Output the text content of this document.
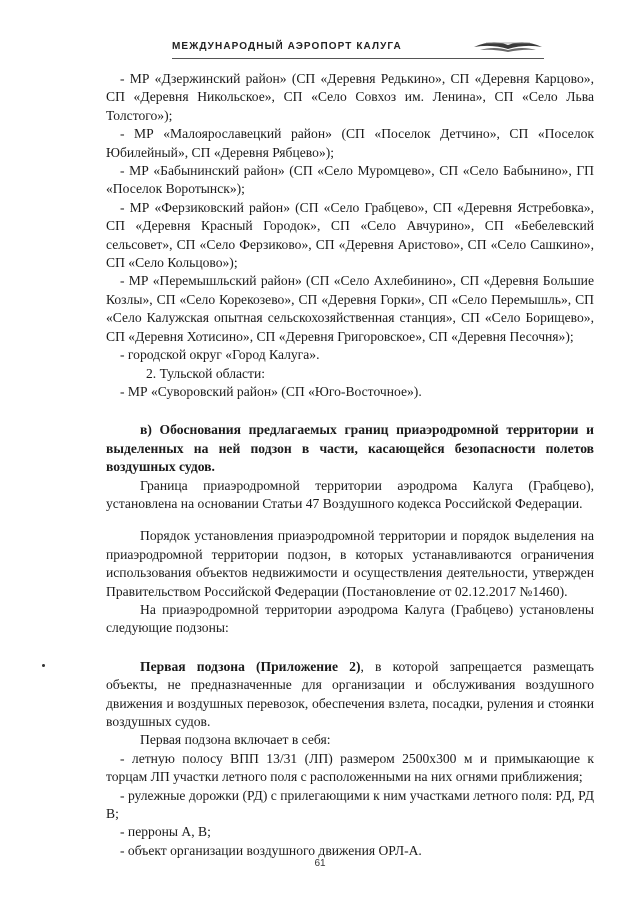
МЕЖДУНАРОДНЫЙ АЭРОПОРТ КАЛУГА

- МР «Дзержинский район» (СП «Деревня Редькино», СП «Деревня Карцово», СП «Деревня Никольское», СП «Село Совхоз им. Ленина», СП «Село Льва Толстого»);

- МР «Малоярославецкий район» (СП «Поселок Детчино», СП «Поселок Юбилейный», СП «Деревня Рябцево»);

- МР «Бабынинский район» (СП «Село Муромцево», СП «Село Бабынино», ГП «Поселок Воротынск»);

- МР «Ферзиковский район» (СП «Село Грабцево», СП «Деревня Ястребовка», СП «Деревня Красный Городок», СП «Село Авчурино», СП «Бебелевский сельсовет», СП «Село Ферзиково», СП «Деревня Аристово», СП «Село Сашкино», СП «Село Кольцово»);

- МР «Перемышльский район» (СП «Село Ахлебинино», СП «Деревня Большие Козлы», СП «Село Корекозево», СП «Деревня Горки», СП «Село Перемышль», СП «Село Калужская опытная сельскохозяйственная станция», СП «Село Борищево», СП «Деревня Хотисино», СП «Деревня Григоровское», СП «Деревня Песочня»);

- городской округ «Город Калуга».

2. Тульской области:

- МР «Суворовский район» (СП «Юго-Восточное»).

в) Обоснования предлагаемых границ приаэродромной территории и выделенных на ней подзон в части, касающейся безопасности полетов воздушных судов.

Граница приаэродромной территории аэродрома Калуга (Грабцево), установлена на основании Статьи 47 Воздушного кодекса Российской Федерации.

Порядок установления приаэродромной территории и порядок выделения на приаэродромной территории подзон, в которых устанавливаются ограничения использования объектов недвижимости и осуществления деятельности, утвержден Правительством Российской Федерации (Постановление от 02.12.2017 №1460).

На приаэродромной территории аэродрома Калуга (Грабцево) установлены следующие подзоны:

Первая подзона (Приложение 2), в которой запрещается размещать объекты, не предназначенные для организации и обслуживания воздушного движения и воздушных перевозок, обеспечения взлета, посадки, руления и стоянки воздушных судов.

Первая подзона включает в себя:

- летную полосу ВПП 13/31 (ЛП) размером 2500х300 м и примыкающие к торцам ЛП участки летного поля с расположенными на них огнями приближения;

- рулежные дорожки (РД) с прилегающими к ним участками летного поля: РД, РД В;

- перроны А, В;

- объект организации воздушного движения ОРЛ-А.

61
